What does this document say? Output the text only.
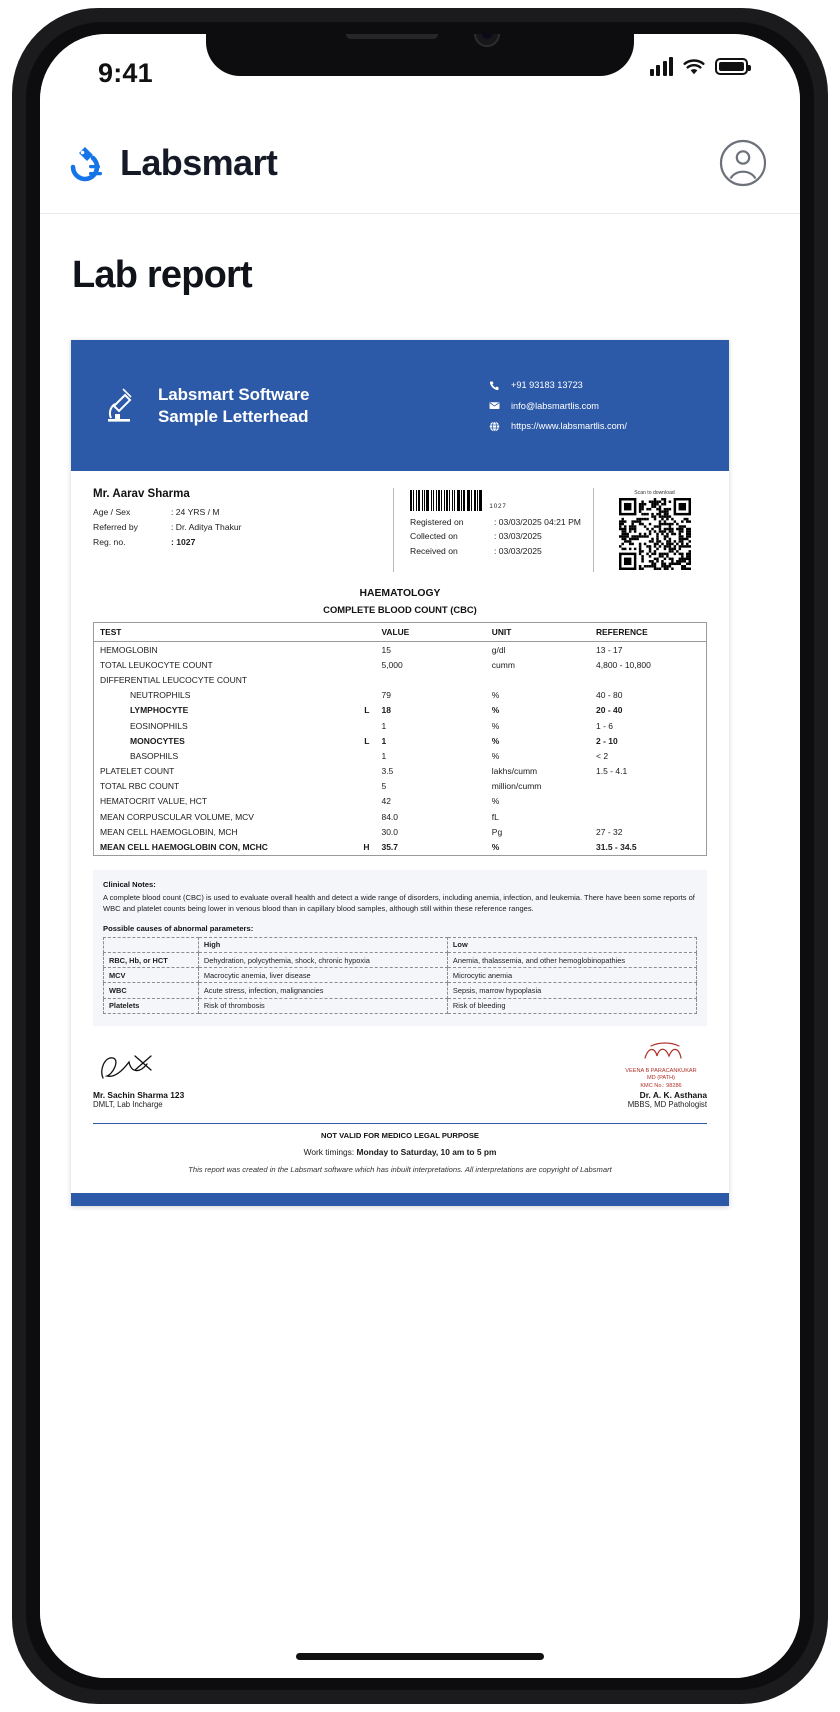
9:41
Labsmart
Lab report
Labsmart Software
Sample Letterhead
+91 93183 13723
info@labsmartlis.com
https://www.labsmartlis.com/
Mr. Aarav Sharma
Age / Sex	: 24 YRS / M
Referred by	: Dr. Aditya Thakur
Reg. no.	: 1027
1027
Registered on	: 03/03/2025 04:21 PM
Collected on	: 03/03/2025
Received on	: 03/03/2025
Scan to download
HAEMATOLOGY
COMPLETE BLOOD COUNT (CBC)
TEST		VALUE	UNIT	REFERENCE
HEMOGLOBIN		15	g/dl	13 - 17
TOTAL LEUKOCYTE COUNT		5,000	cumm	4,800 - 10,800
DIFFERENTIAL LEUCOCYTE COUNT				
NEUTROPHILS		79	%	40 - 80
LYMPHOCYTE	L	18	%	20 - 40
EOSINOPHILS		1	%	1 - 6
MONOCYTES	L	1	%	2 - 10
BASOPHILS		1	%	< 2
PLATELET COUNT		3.5	lakhs/cumm	1.5 - 4.1
TOTAL RBC COUNT		5	million/cumm	
HEMATOCRIT VALUE, HCT		42	%	
MEAN CORPUSCULAR VOLUME, MCV		84.0	fL	
MEAN CELL HAEMOGLOBIN, MCH		30.0	Pg	27 - 32
MEAN CELL HAEMOGLOBIN CON, MCHC	H	35.7	%	31.5 - 34.5
Clinical Notes:
A complete blood count (CBC) is used to evaluate overall health and detect a wide range of disorders, including anemia, infection, and leukemia. There have been some reports of WBC and platelet counts being lower in venous blood than in capillary blood samples, although still within these reference ranges.
Possible causes of abnormal parameters:
	High	Low
RBC, Hb, or HCT	Dehydration, polycythemia, shock, chronic hypoxia	Anemia, thalassemia, and other hemoglobinopathies
MCV	Macrocytic anemia, liver disease	Microcytic anemia
WBC	Acute stress, infection, malignancies	Sepsis, marrow hypoplasia
Platelets	Risk of thrombosis	Risk of bleeding
Mr. Sachin Sharma 123
DMLT, Lab Incharge
VEENA B PARACANKUKAR
MD (PATH)
KMC No.: 98286
Dr. A. K. Asthana
MBBS, MD Pathologist
NOT VALID FOR MEDICO LEGAL PURPOSE
Work timings: Monday to Saturday, 10 am to 5 pm
This report was created in the Labsmart software which has inbuilt interpretations. All interpretations are copyright of Labsmart
